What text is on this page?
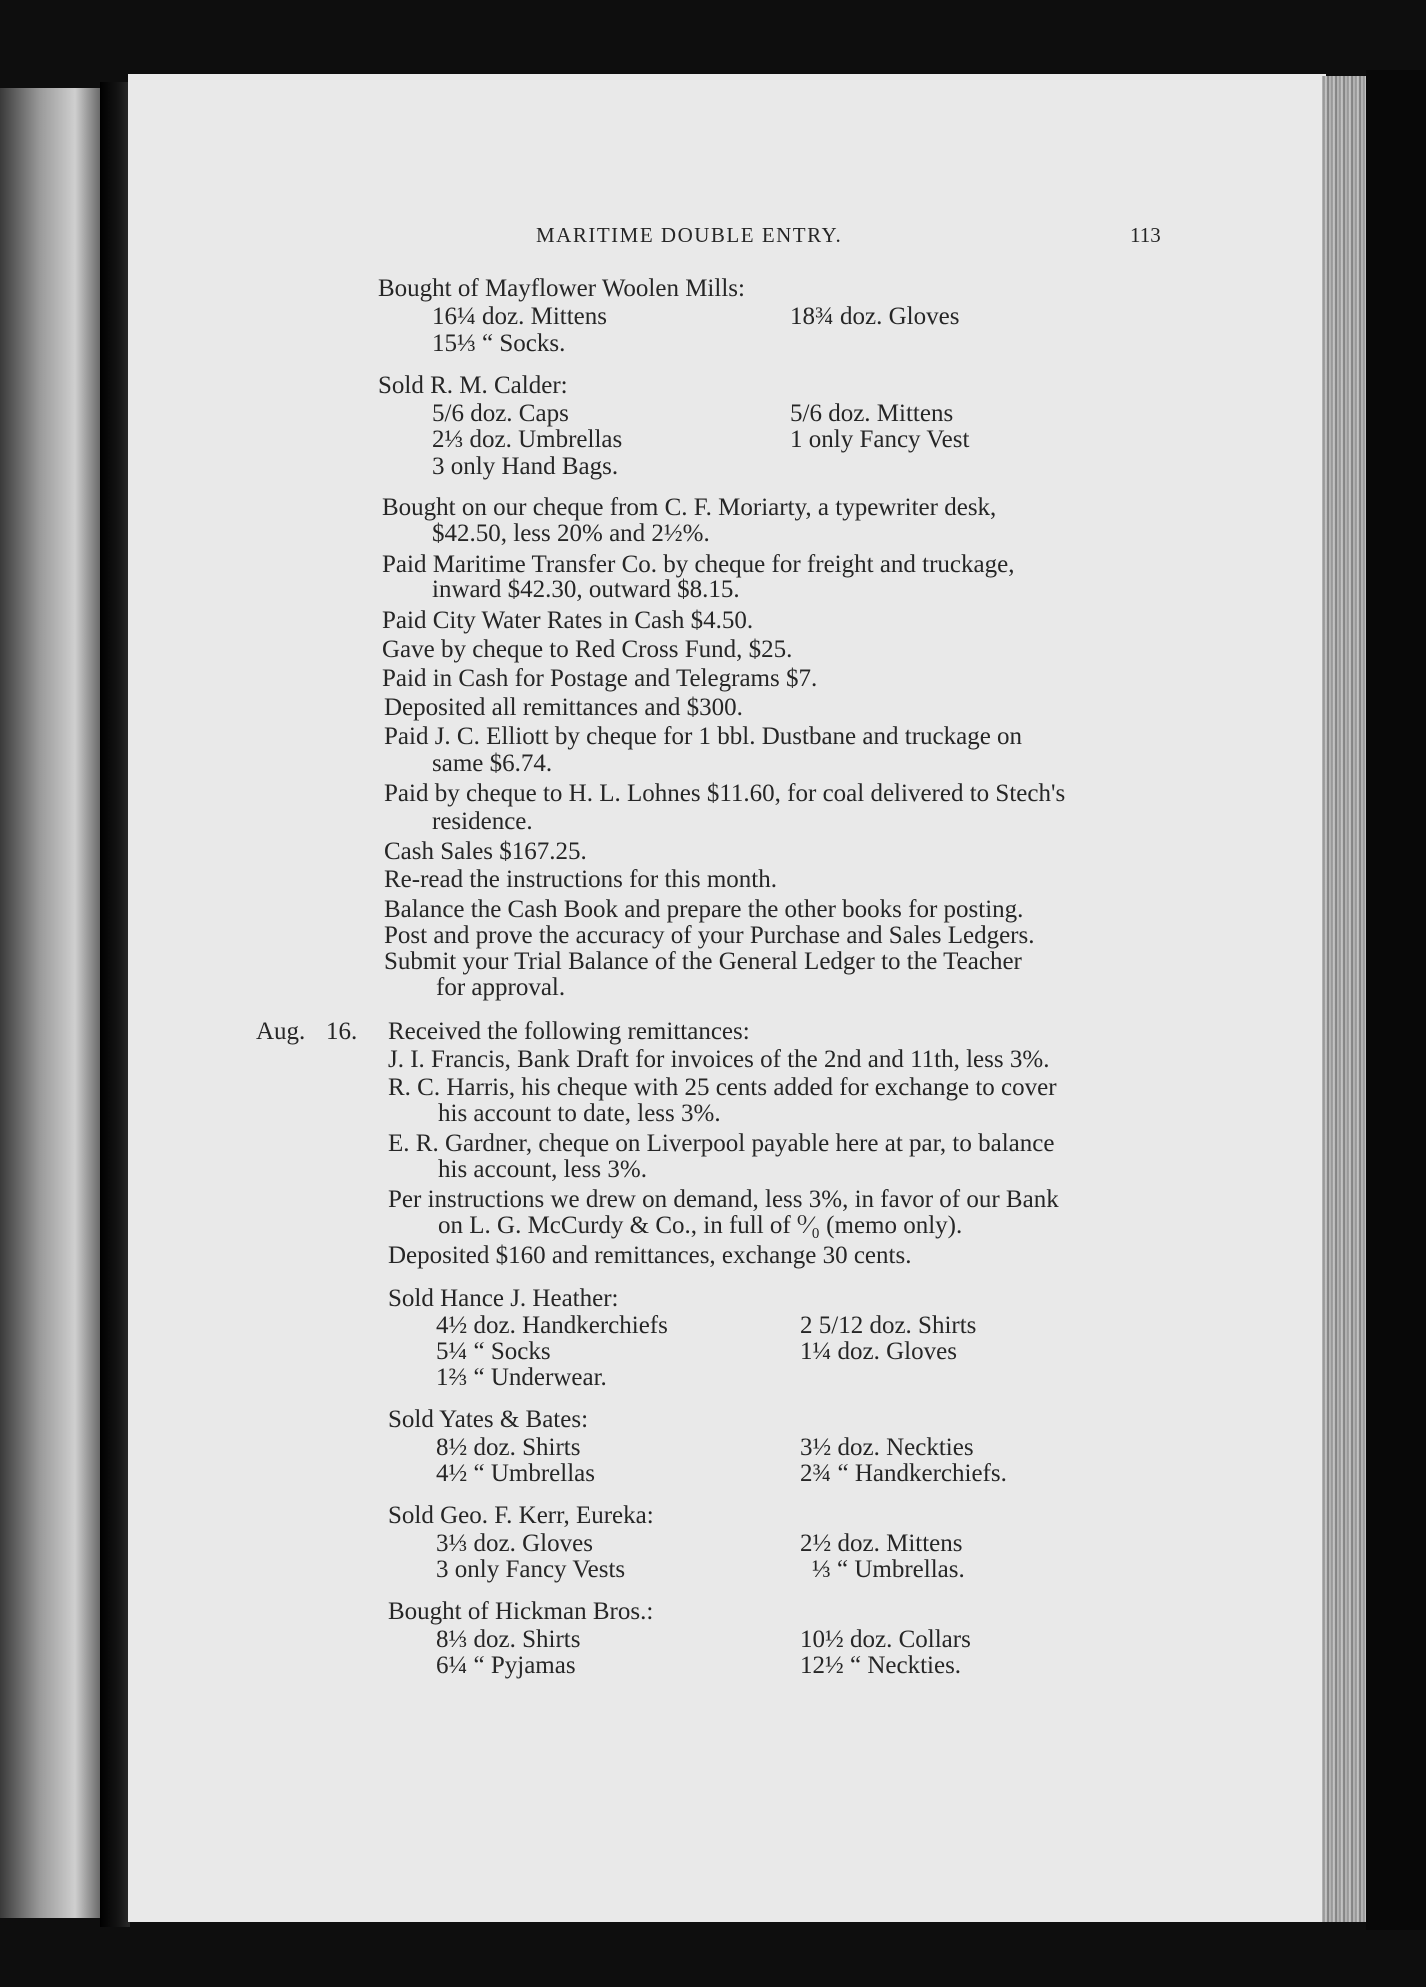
MARITIME DOUBLE ENTRY.	113
Bought of Mayflower Woolen Mills:
16¼ doz. Mittens	18¾ doz. Gloves
15⅓ “ Socks.
Sold R. M. Calder:
5/6 doz. Caps	5/6 doz. Mittens
2⅓ doz. Umbrellas	1 only Fancy Vest
3 only Hand Bags.
Bought on our cheque from C. F. Moriarty, a typewriter desk,
$42.50, less 20% and 2½%.
Paid Maritime Transfer Co. by cheque for freight and truckage,
inward $42.30, outward $8.15.
Paid City Water Rates in Cash $4.50.
Gave by cheque to Red Cross Fund, $25.
Paid in Cash for Postage and Telegrams $7.
Deposited all remittances and $300.
Paid J. C. Elliott by cheque for 1 bbl. Dustbane and truckage on
same $6.74.
Paid by cheque to H. L. Lohnes $11.60, for coal delivered to Stech's
residence.
Cash Sales $167.25.
Re-read the instructions for this month.
Balance the Cash Book and prepare the other books for posting.
Post and prove the accuracy of your Purchase and Sales Ledgers.
Submit your Trial Balance of the General Ledger to the Teacher
for approval.
Aug. 16. Received the following remittances:
J. I. Francis, Bank Draft for invoices of the 2nd and 11th, less 3%.
R. C. Harris, his cheque with 25 cents added for exchange to cover
his account to date, less 3%.
E. R. Gardner, cheque on Liverpool payable here at par, to balance
his account, less 3%.
Per instructions we drew on demand, less 3%, in favor of our Bank
on L. G. McCurdy & Co., in full of ⁰⁄₀ (memo only).
Deposited $160 and remittances, exchange 30 cents.
Sold Hance J. Heather:
4½ doz. Handkerchiefs	2 5/12 doz. Shirts
5¼ “ Socks	1¼ doz. Gloves
1⅔ “ Underwear.
Sold Yates & Bates:
8½ doz. Shirts	3½ doz. Neckties
4½ “ Umbrellas	2¾ “ Handkerchiefs.
Sold Geo. F. Kerr, Eureka:
3⅓ doz. Gloves	2½ doz. Mittens
3 only Fancy Vests	⅓ “ Umbrellas.
Bought of Hickman Bros.:
8⅓ doz. Shirts	10½ doz. Collars
6¼ “ Pyjamas	12½ “ Neckties.
